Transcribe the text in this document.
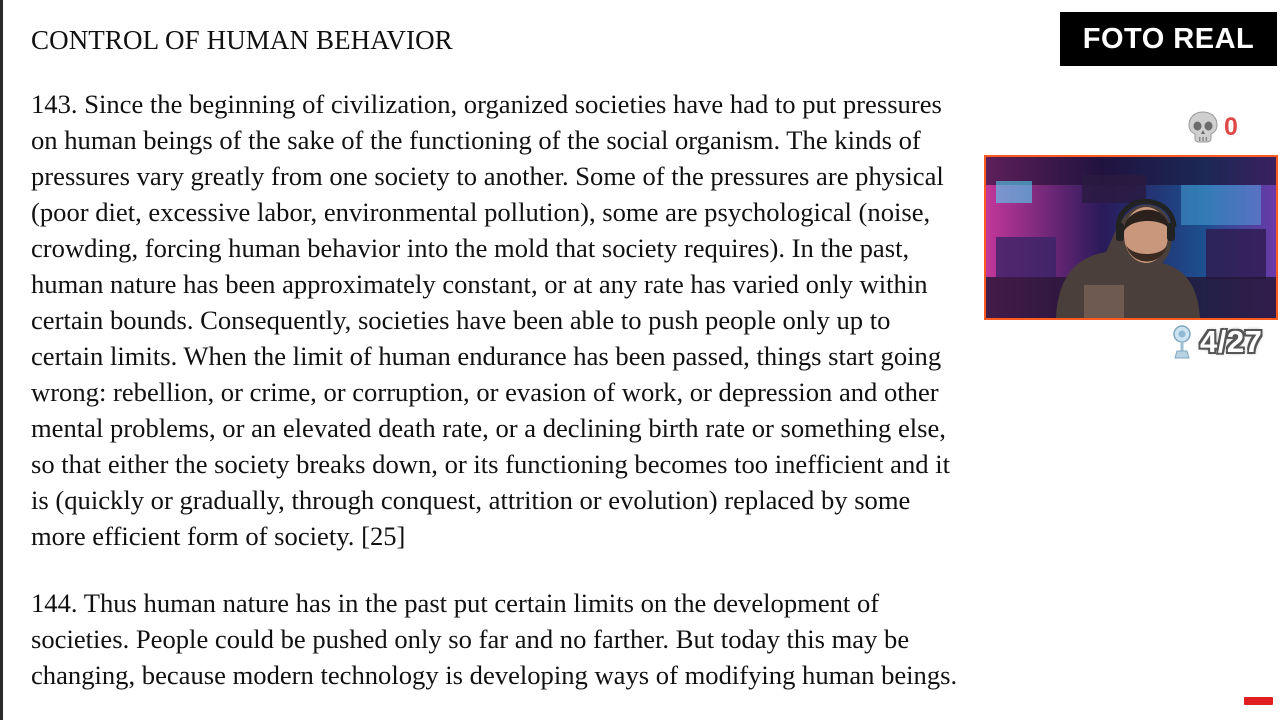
CONTROL OF HUMAN BEHAVIOR

143. Since the beginning of civilization, organized societies have had to put pressures
on human beings of the sake of the functioning of the social organism. The kinds of
pressures vary greatly from one society to another. Some of the pressures are physical
(poor diet, excessive labor, environmental pollution), some are psychological (noise,
crowding, forcing human behavior into the mold that society requires). In the past,
human nature has been approximately constant, or at any rate has varied only within
certain bounds. Consequently, societies have been able to push people only up to
certain limits. When the limit of human endurance has been passed, things start going
wrong: rebellion, or crime, or corruption, or evasion of work, or depression and other
mental problems, or an elevated death rate, or a declining birth rate or something else,
so that either the society breaks down, or its functioning becomes too inefficient and it
is (quickly or gradually, through conquest, attrition or evolution) replaced by some
more efficient form of society. [25]

144. Thus human nature has in the past put certain limits on the development of
societies. People could be pushed only so far and no farther. But today this may be
changing, because modern technology is developing ways of modifying human beings.

FOTO REAL
0
4/27
